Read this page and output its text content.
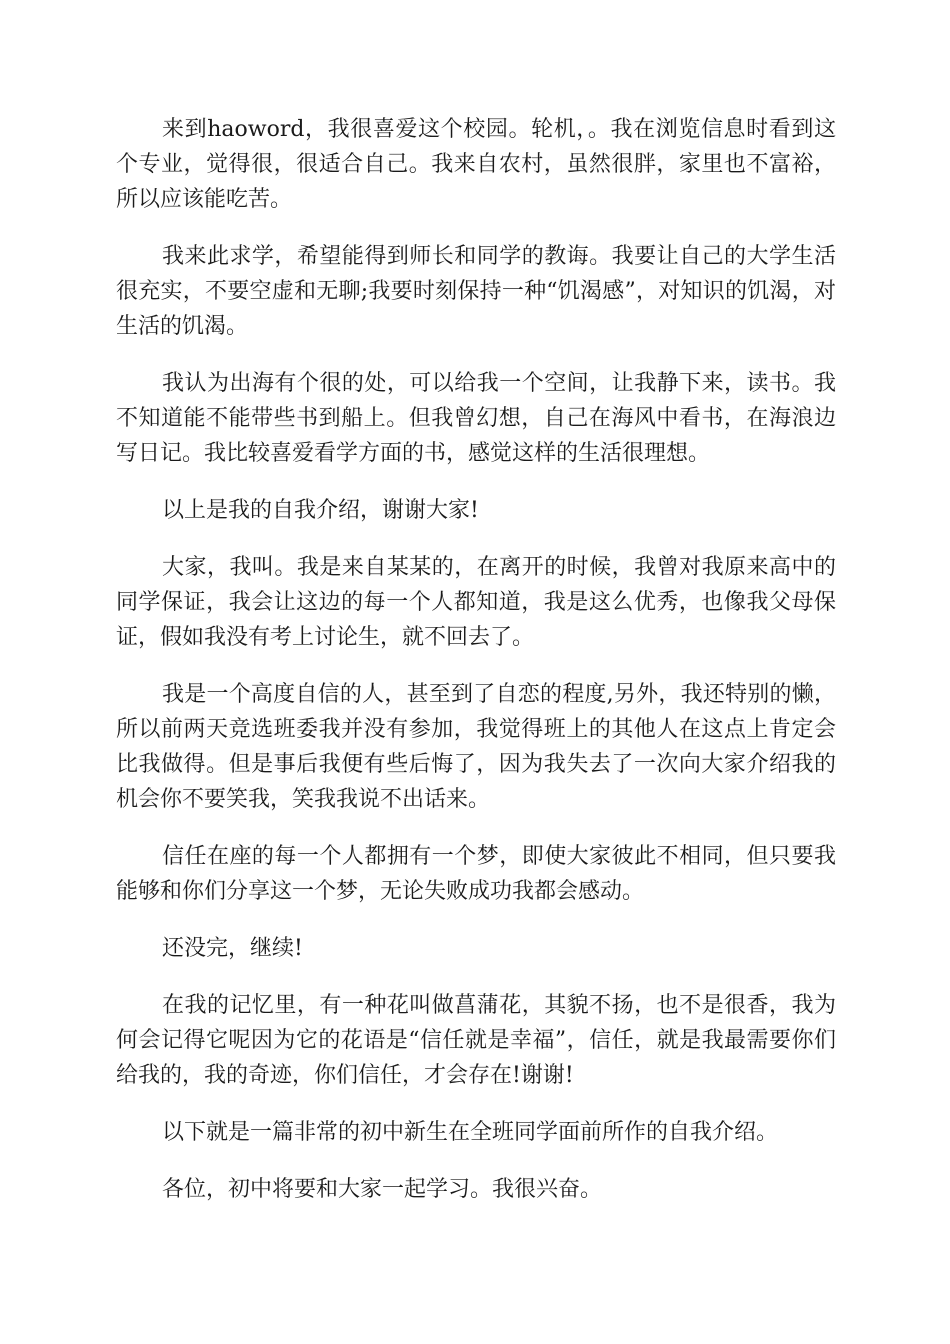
来到haoword，我很喜爱这个校园。轮机，。我在浏览信息时看到这个专业，觉得很，很适合自己。我来自农村，虽然很胖，家里也不富裕，所以应该能吃苦。

我来此求学，希望能得到师长和同学的教诲。我要让自己的大学生活很充实，不要空虚和无聊;我要时刻保持一种“饥渴感”，对知识的饥渴，对生活的饥渴。

我认为出海有个很的处，可以给我一个空间，让我静下来，读书。我不知道能不能带些书到船上。但我曾幻想，自己在海风中看书，在海浪边写日记。我比较喜爱看学方面的书，感觉这样的生活很理想。

以上是我的自我介绍，谢谢大家!

大家，我叫。我是来自某某的，在离开的时候，我曾对我原来高中的同学保证，我会让这边的每一个人都知道，我是这么优秀，也像我父母保证，假如我没有考上讨论生，就不回去了。

我是一个高度自信的人，甚至到了自恋的程度,另外，我还特别的懒，所以前两天竞选班委我并没有参加，我觉得班上的其他人在这点上肯定会比我做得。但是事后我便有些后悔了，因为我失去了一次向大家介绍我的机会你不要笑我，笑我我说不出话来。

信任在座的每一个人都拥有一个梦，即使大家彼此不相同，但只要我能够和你们分享这一个梦，无论失败成功我都会感动。

还没完，继续!

在我的记忆里，有一种花叫做菖蒲花，其貌不扬，也不是很香，我为何会记得它呢因为它的花语是“信任就是幸福”，信任，就是我最需要你们给我的，我的奇迹，你们信任，才会存在!谢谢!

以下就是一篇非常的初中新生在全班同学面前所作的自我介绍。

各位，初中将要和大家一起学习。我很兴奋。
